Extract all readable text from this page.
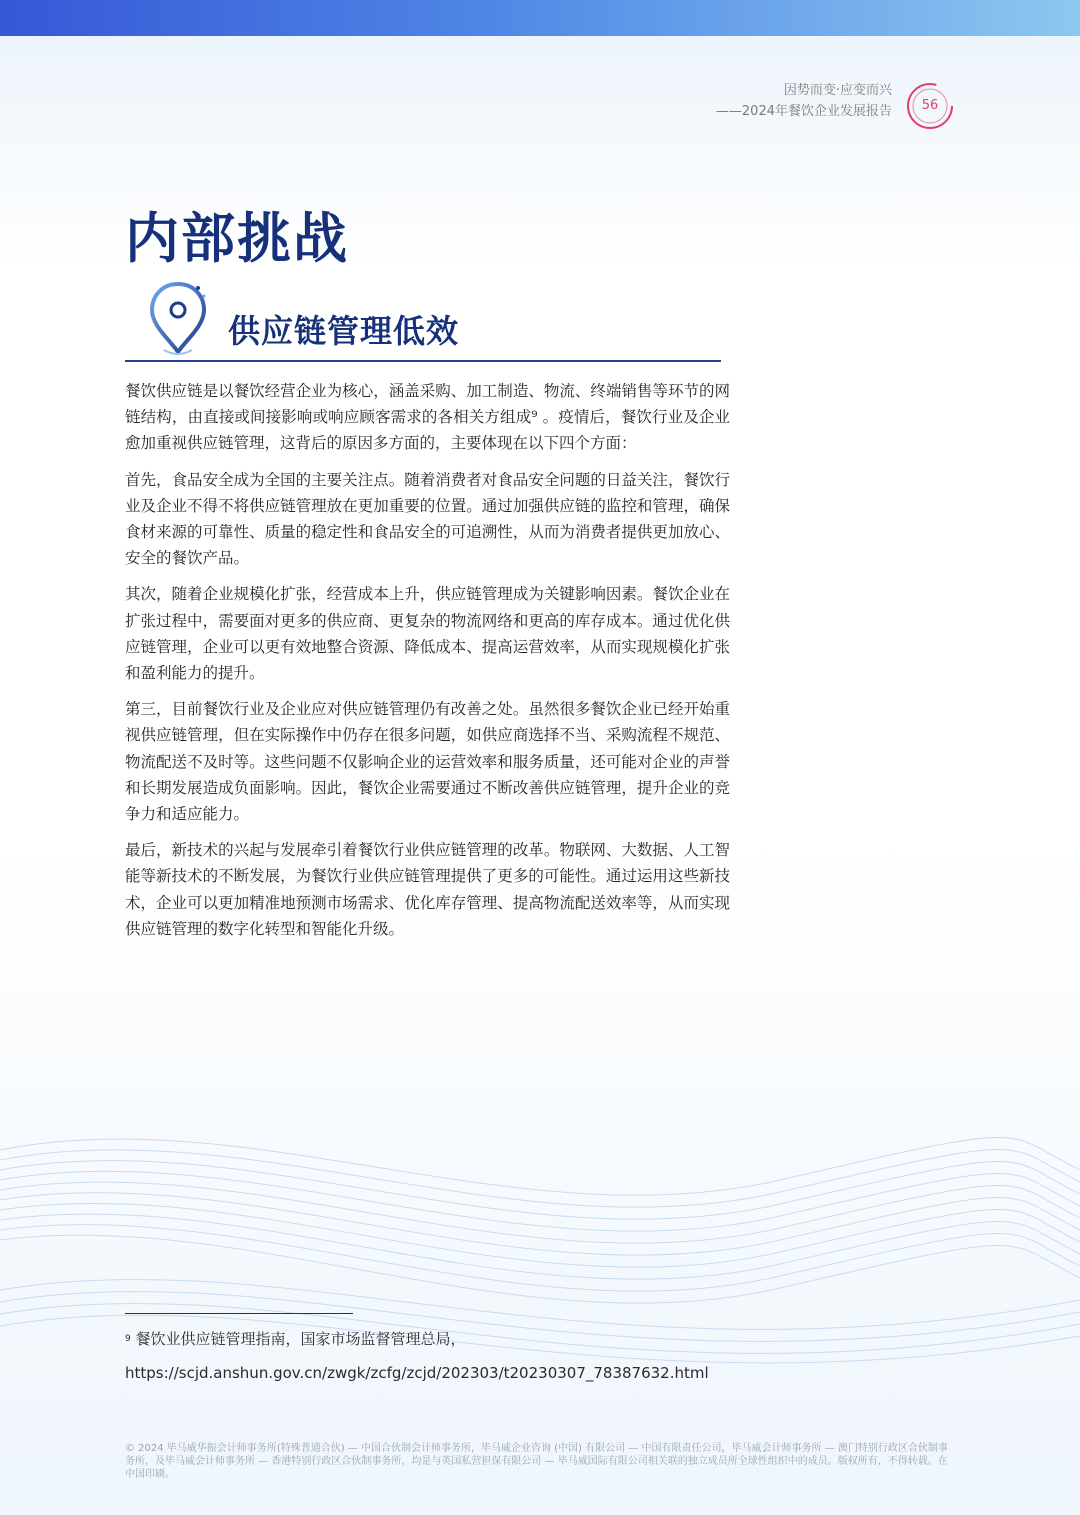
因势而变·应变而兴
——2024年餐饮企业发展报告	56
内部挑战
供应链管理低效

餐饮供应链是以餐饮经营企业为核心，涵盖采购、加工制造、物流、终端销售等环节的网链结构，由直接或间接影响或响应顾客需求的各相关方组成⁹ 。疫情后，餐饮行业及企业愈加重视供应链管理，这背后的原因多方面的，主要体现在以下四个方面：

首先，食品安全成为全国的主要关注点。随着消费者对食品安全问题的日益关注，餐饮行业及企业不得不将供应链管理放在更加重要的位置。通过加强供应链的监控和管理，确保食材来源的可靠性、质量的稳定性和食品安全的可追溯性，从而为消费者提供更加放心、安全的餐饮产品。

其次，随着企业规模化扩张，经营成本上升，供应链管理成为关键影响因素。餐饮企业在扩张过程中，需要面对更多的供应商、更复杂的物流网络和更高的库存成本。通过优化供应链管理，企业可以更有效地整合资源、降低成本、提高运营效率，从而实现规模化扩张和盈利能力的提升。

第三，目前餐饮行业及企业应对供应链管理仍有改善之处。虽然很多餐饮企业已经开始重视供应链管理，但在实际操作中仍存在很多问题，如供应商选择不当、采购流程不规范、物流配送不及时等。这些问题不仅影响企业的运营效率和服务质量，还可能对企业的声誉和长期发展造成负面影响。因此，餐饮企业需要通过不断改善供应链管理，提升企业的竞争力和适应能力。

最后，新技术的兴起与发展牵引着餐饮行业供应链管理的改革。物联网、大数据、人工智能等新技术的不断发展，为餐饮行业供应链管理提供了更多的可能性。通过运用这些新技术，企业可以更加精准地预测市场需求、优化库存管理、提高物流配送效率等，从而实现供应链管理的数字化转型和智能化升级。

$^9$ 餐饮业供应链管理指南，国家市场监督管理总局，
https://scjd.anshun.gov.cn/zwgk/zcfg/zcjd/202303/t20230307_78387632.html
© 2024 毕马威华振会计师事务所(特殊普通合伙) — 中国合伙制会计师事务所，毕马威企业咨询 (中国) 有限公司 — 中国有限责任公司，毕马威会计师事务所 — 澳门特别行政区合伙制事务所，及毕马威会计师事务所 — 香港特别行政区合伙制事务所，均是与英国私营担保有限公司 — 毕马威国际有限公司相关联的独立成员所全球性组织中的成员。版权所有，不得转载。在中国印刷。
